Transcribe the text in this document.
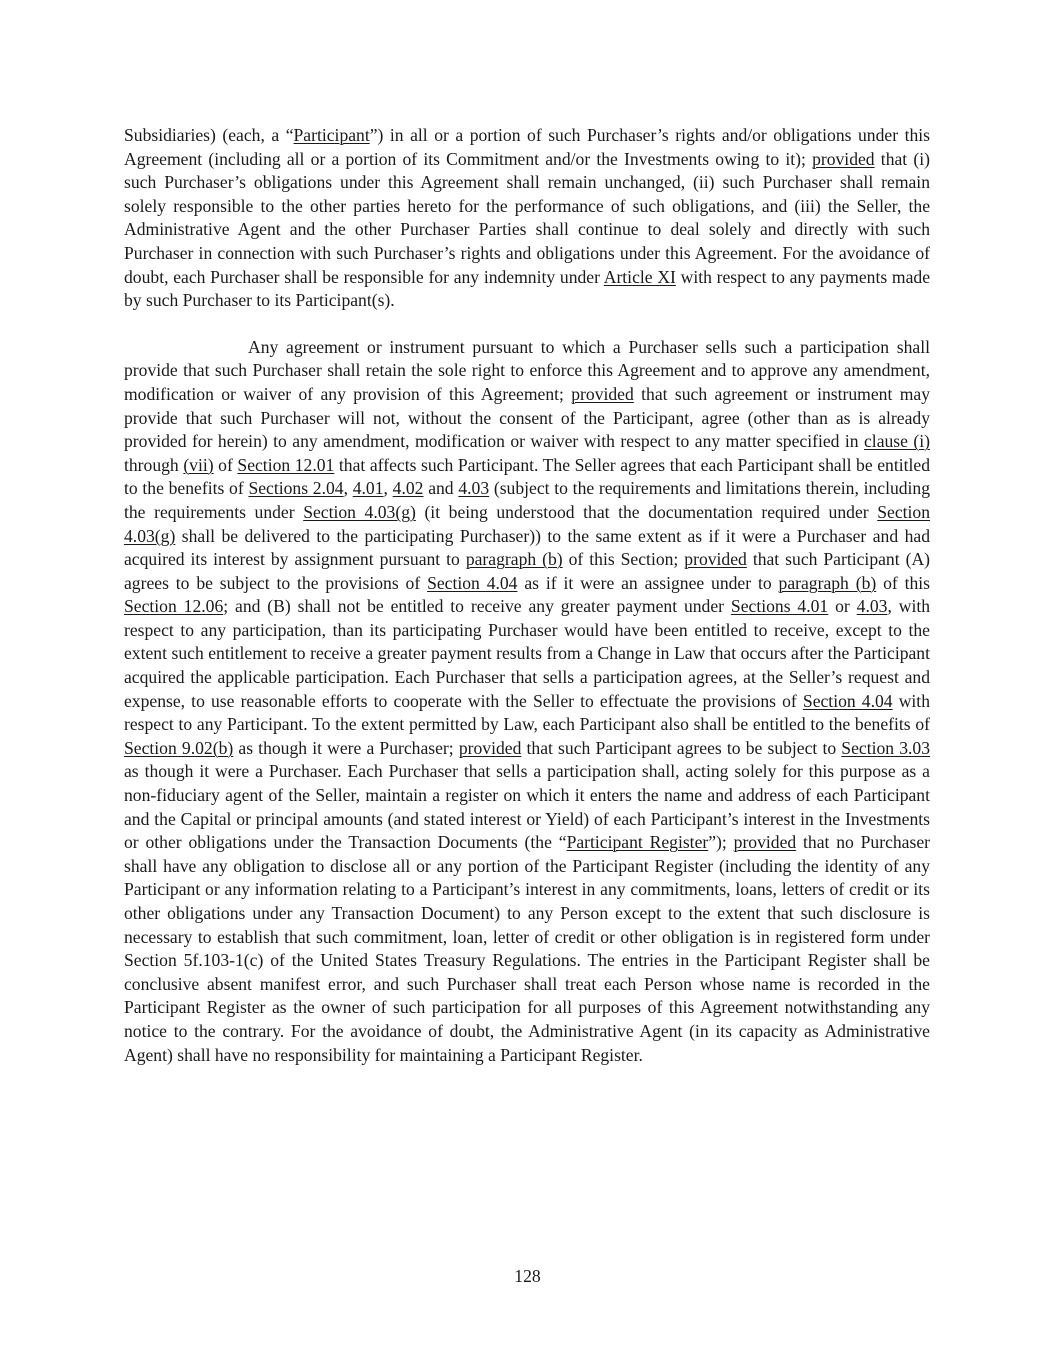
Subsidiaries) (each, a “Participant”) in all or a portion of such Purchaser’s rights and/or obligations under this Agreement (including all or a portion of its Commitment and/or the Investments owing to it); provided that (i) such Purchaser’s obligations under this Agreement shall remain unchanged, (ii) such Purchaser shall remain solely responsible to the other parties hereto for the performance of such obligations, and (iii) the Seller, the Administrative Agent and the other Purchaser Parties shall continue to deal solely and directly with such Purchaser in connection with such Purchaser’s rights and obligations under this Agreement. For the avoidance of doubt, each Purchaser shall be responsible for any indemnity under Article XI with respect to any payments made by such Purchaser to its Participant(s).

Any agreement or instrument pursuant to which a Purchaser sells such a participation shall provide that such Purchaser shall retain the sole right to enforce this Agreement and to approve any amendment, modification or waiver of any provision of this Agreement; provided that such agreement or instrument may provide that such Purchaser will not, without the consent of the Participant, agree (other than as is already provided for herein) to any amendment, modification or waiver with respect to any matter specified in clause (i) through (vii) of Section 12.01 that affects such Participant. The Seller agrees that each Participant shall be entitled to the benefits of Sections 2.04, 4.01, 4.02 and 4.03 (subject to the requirements and limitations therein, including the requirements under Section 4.03(g) (it being understood that the documentation required under Section 4.03(g) shall be delivered to the participating Purchaser)) to the same extent as if it were a Purchaser and had acquired its interest by assignment pursuant to paragraph (b) of this Section; provided that such Participant (A) agrees to be subject to the provisions of Section 4.04 as if it were an assignee under to paragraph (b) of this Section 12.06; and (B) shall not be entitled to receive any greater payment under Sections 4.01 or 4.03, with respect to any participation, than its participating Purchaser would have been entitled to receive, except to the extent such entitlement to receive a greater payment results from a Change in Law that occurs after the Participant acquired the applicable participation. Each Purchaser that sells a participation agrees, at the Seller’s request and expense, to use reasonable efforts to cooperate with the Seller to effectuate the provisions of Section 4.04 with respect to any Participant. To the extent permitted by Law, each Participant also shall be entitled to the benefits of Section 9.02(b) as though it were a Purchaser; provided that such Participant agrees to be subject to Section 3.03 as though it were a Purchaser. Each Purchaser that sells a participation shall, acting solely for this purpose as a non-fiduciary agent of the Seller, maintain a register on which it enters the name and address of each Participant and the Capital or principal amounts (and stated interest or Yield) of each Participant’s interest in the Investments or other obligations under the Transaction Documents (the “Participant Register”); provided that no Purchaser shall have any obligation to disclose all or any portion of the Participant Register (including the identity of any Participant or any information relating to a Participant’s interest in any commitments, loans, letters of credit or its other obligations under any Transaction Document) to any Person except to the extent that such disclosure is necessary to establish that such commitment, loan, letter of credit or other obligation is in registered form under Section 5f.103-1(c) of the United States Treasury Regulations. The entries in the Participant Register shall be conclusive absent manifest error, and such Purchaser shall treat each Person whose name is recorded in the Participant Register as the owner of such participation for all purposes of this Agreement notwithstanding any notice to the contrary. For the avoidance of doubt, the Administrative Agent (in its capacity as Administrative Agent) shall have no responsibility for maintaining a Participant Register.

128
